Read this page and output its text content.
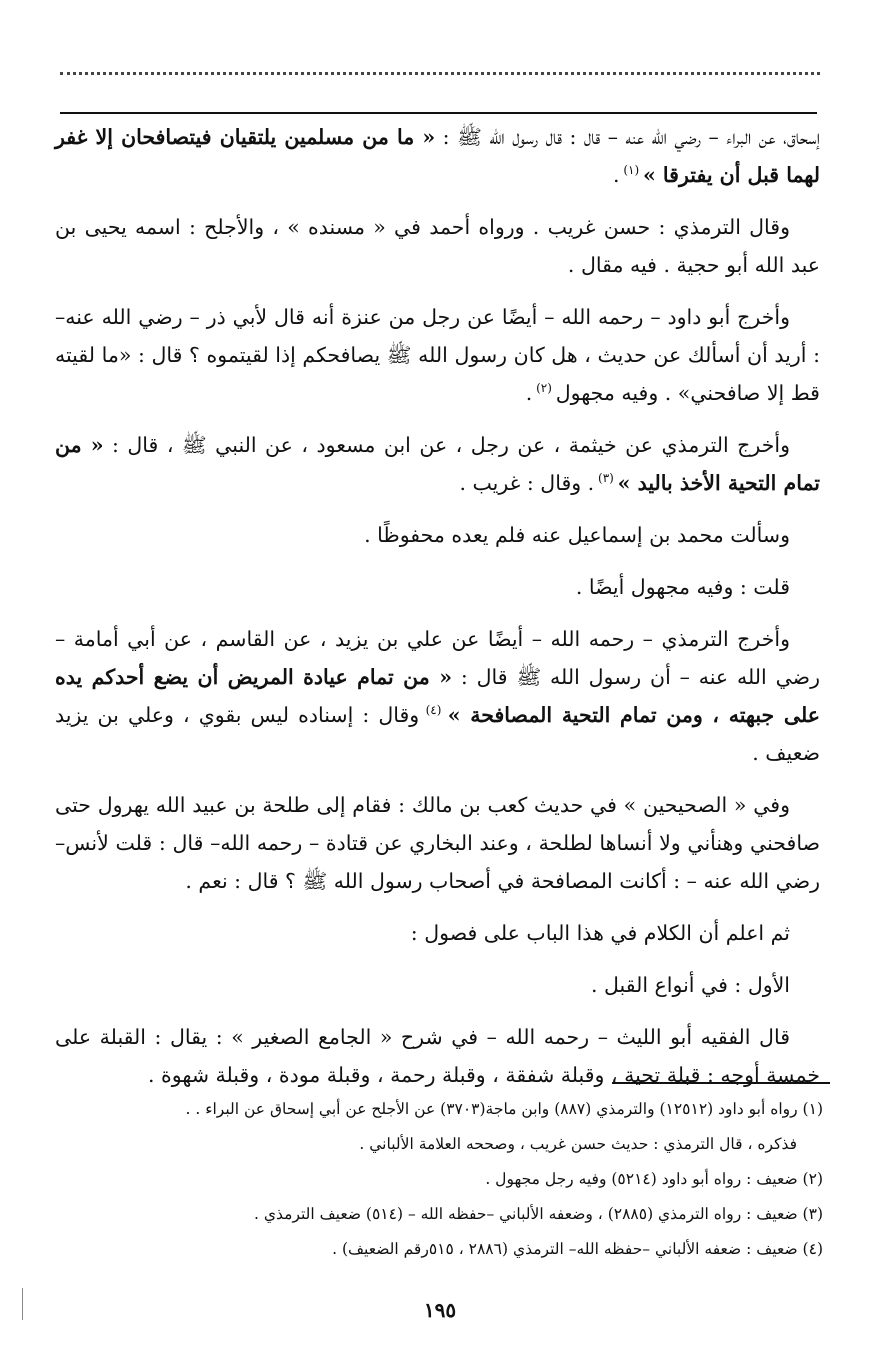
إسحاق، عن البراء – رضي الله عنه – قال : قال رسول الله ﷺ : « ما من مسلمين يلتقيان فيتصافحان إلا غفر لهما قبل أن يفترقا » $^{(١)}$ .

وقال الترمذي : حسن غريب . ورواه أحمد في « مسنده » ، والأجلح : اسمه يحيى بن عبد الله أبو حجية . فيه مقال .

وأخرج أبو داود – رحمه الله – أيضًا عن رجل من عنزة أنه قال لأبي ذر – رضي الله عنه– : أريد أن أسألك عن حديث ، هل كان رسول الله ﷺ يصافحكم إذا لقيتموه ؟ قال : «ما لقيته قط إلا صافحني» . وفيه مجهول $^{(٢)}$ .

وأخرج الترمذي عن خيثمة ، عن رجل ، عن ابن مسعود ، عن النبي ﷺ ، قال : « من تمام التحية الأخذ باليد » $^{(٣)}$ . وقال : غريب .

وسألت محمد بن إسماعيل عنه فلم يعده محفوظًا .

قلت : وفيه مجهول أيضًا .

وأخرج الترمذي – رحمه الله – أيضًا عن علي بن يزيد ، عن القاسم ، عن أبي أمامة – رضي الله عنه – أن رسول الله ﷺ قال : « من تمام عيادة المريض أن يضع أحدكم يده على جبهته ، ومن تمام التحية المصافحة » $^{(٤)}$ وقال : إسناده ليس بقوي ، وعلي بن يزيد ضعيف .

وفي « الصحيحين » في حديث كعب بن مالك : فقام إلى طلحة بن عبيد الله يهرول حتى صافحني وهنأني ولا أنساها لطلحة ، وعند البخاري عن قتادة – رحمه الله– قال : قلت لأنس– رضي الله عنه – : أكانت المصافحة في أصحاب رسول الله ﷺ ؟ قال : نعم .

ثم اعلم أن الكلام في هذا الباب على فصول :

الأول : في أنواع القبل .

قال الفقيه أبو الليث – رحمه الله – في شرح « الجامع الصغير » : يقال : القبلة على خمسة أوجه : قبلة تحية ، وقبلة شفقة ، وقبلة رحمة ، وقبلة مودة ، وقبلة شهوة .

(١) رواه أبو داود (١٢٥١٢) والترمذي (٨٨٧) وابن ماجة(٣٧٠٣) عن الأجلح عن أبي إسحاق عن البراء . .
فذكره ، قال الترمذي : حديث حسن غريب ، وصححه العلامة الألباني .
(٢) ضعيف : رواه أبو داود (٥٢١٤) وفيه رجل مجهول .
(٣) ضعيف : رواه الترمذي (٢٨٨٥) ، وضعفه الألباني –حفظه الله – (٥١٤) ضعيف الترمذي .
(٤) ضعيف : ضعفه الألباني –حفظه الله– الترمذي (٢٨٨٦ ، ٥١٥رقم الضعيف) .
١٩٥
